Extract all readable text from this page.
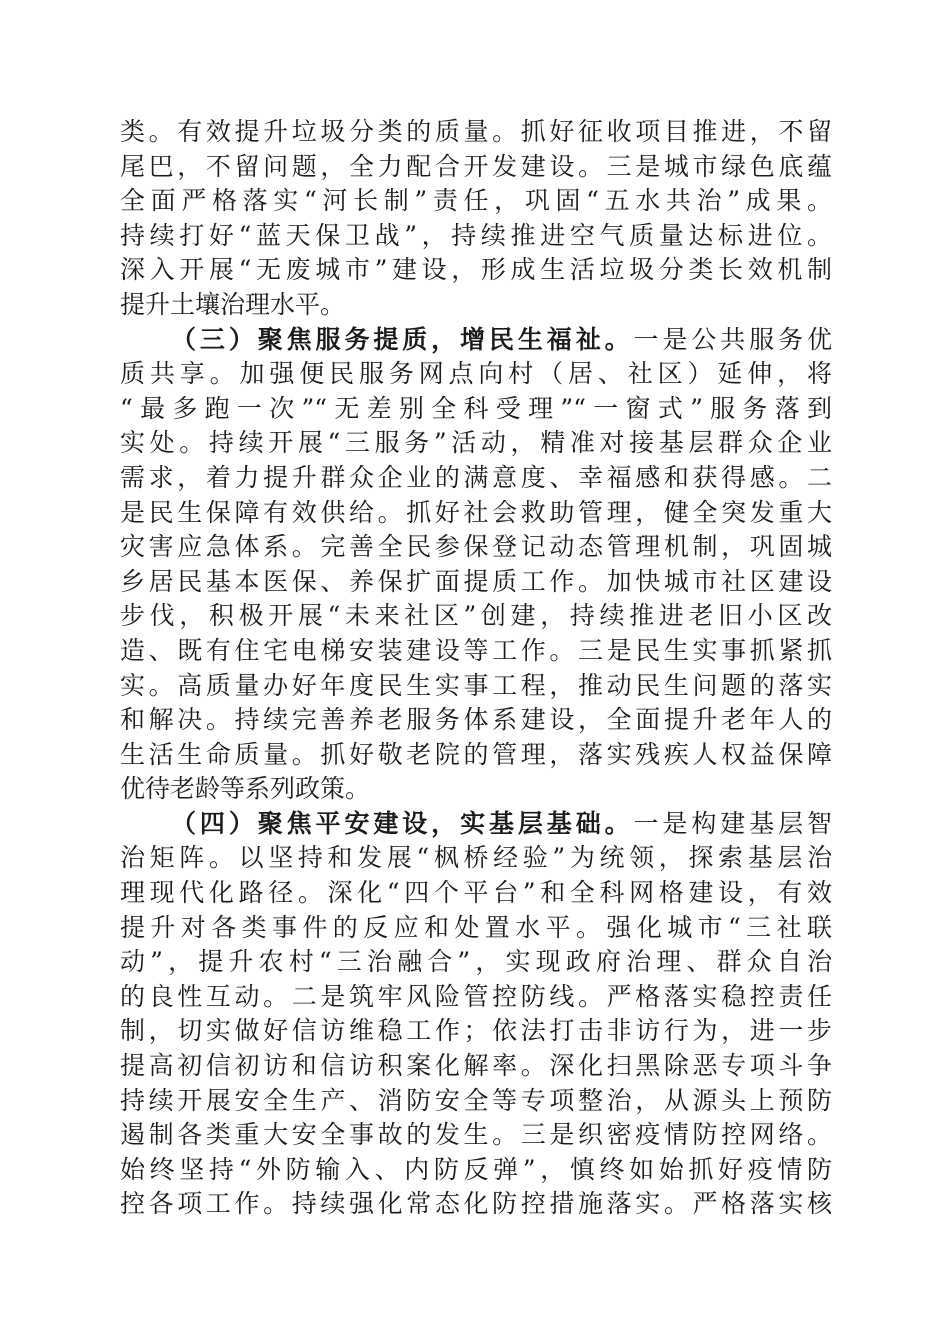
类。有效提升垃圾分类的质量。抓好征收项目推进，不留
尾巴，不留问题，全力配合开发建设。三是城市绿色底蕴
全面严格落实“河长制”责任，巩固“五水共治”成果。
持续打好“蓝天保卫战”，持续推进空气质量达标进位。
深入开展“无废城市”建设，形成生活垃圾分类长效机制
提升土壤治理水平。
（三）聚焦服务提质，增民生福祉。一是公共服务优
质共享。加强便民服务网点向村（居、社区）延伸，将
“最多跑一次”“无差别全科受理”“一窗式”服务落到
实处。持续开展“三服务”活动，精准对接基层群众企业
需求，着力提升群众企业的满意度、幸福感和获得感。二
是民生保障有效供给。抓好社会救助管理，健全突发重大
灾害应急体系。完善全民参保登记动态管理机制，巩固城
乡居民基本医保、养保扩面提质工作。加快城市社区建设
步伐，积极开展“未来社区”创建，持续推进老旧小区改
造、既有住宅电梯安装建设等工作。三是民生实事抓紧抓
实。高质量办好年度民生实事工程，推动民生问题的落实
和解决。持续完善养老服务体系建设，全面提升老年人的
生活生命质量。抓好敬老院的管理，落实残疾人权益保障
优待老龄等系列政策。
（四）聚焦平安建设，实基层基础。一是构建基层智
治矩阵。以坚持和发展“枫桥经验”为统领，探索基层治
理现代化路径。深化“四个平台”和全科网格建设，有效
提升对各类事件的反应和处置水平。强化城市“三社联
动”，提升农村“三治融合”，实现政府治理、群众自治
的良性互动。二是筑牢风险管控防线。严格落实稳控责任
制，切实做好信访维稳工作；依法打击非访行为，进一步
提高初信初访和信访积案化解率。深化扫黑除恶专项斗争
持续开展安全生产、消防安全等专项整治，从源头上预防
遏制各类重大安全事故的发生。三是织密疫情防控网络。
始终坚持“外防输入、内防反弹”，慎终如始抓好疫情防
控各项工作。持续强化常态化防控措施落实。严格落实核
